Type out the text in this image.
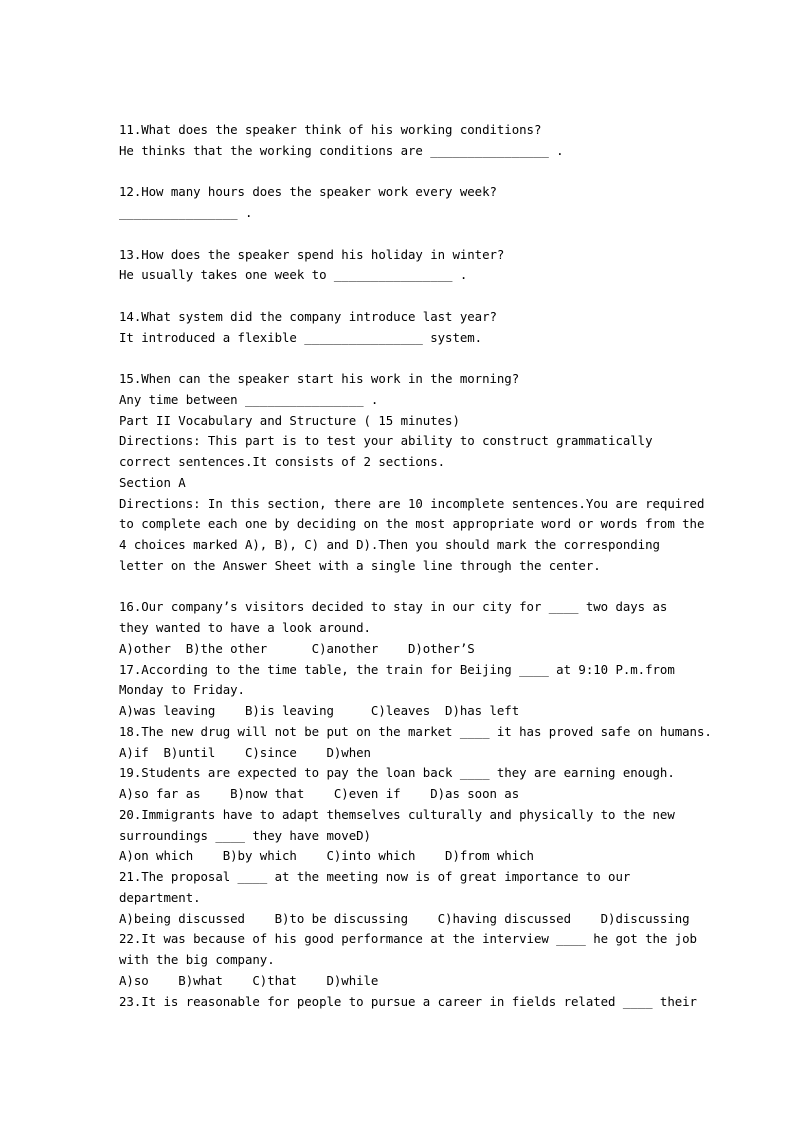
11.What does the speaker think of his working conditions?
He thinks that the working conditions are ________________ .
12.How many hours does the speaker work every week?
________________ .
13.How does the speaker spend his holiday in winter?
He usually takes one week to ________________ .
14.What system did the company introduce last year?
It introduced a flexible ________________ system.
15.When can the speaker start his work in the morning?
Any time between ________________ .
Part II Vocabulary and Structure ( 15 minutes)
Directions: This part is to test your ability to construct grammatically
correct sentences.It consists of 2 sections.
Section A
Directions: In this section, there are 10 incomplete sentences.You are required
to complete each one by deciding on the most appropriate word or words from the
4 choices marked A), B), C) and D).Then you should mark the corresponding
letter on the Answer Sheet with a single line through the center.
16.Our company’s visitors decided to stay in our city for ____ two days as
they wanted to have a look around.
A)other  B)the other      C)another    D)other’S
17.According to the time table, the train for Beijing ____ at 9:10 P.m.from
Monday to Friday.
A)was leaving    B)is leaving     C)leaves  D)has left
18.The new drug will not be put on the market ____ it has proved safe on humans.
A)if  B)until    C)since    D)when
19.Students are expected to pay the loan back ____ they are earning enough.
A)so far as    B)now that    C)even if    D)as soon as
20.Immigrants have to adapt themselves culturally and physically to the new
surroundings ____ they have moveD)
A)on which    B)by which    C)into which    D)from which
21.The proposal ____ at the meeting now is of great importance to our
department.
A)being discussed    B)to be discussing    C)having discussed    D)discussing
22.It was because of his good performance at the interview ____ he got the job
with the big company.
A)so    B)what    C)that    D)while
23.It is reasonable for people to pursue a career in fields related ____ their
